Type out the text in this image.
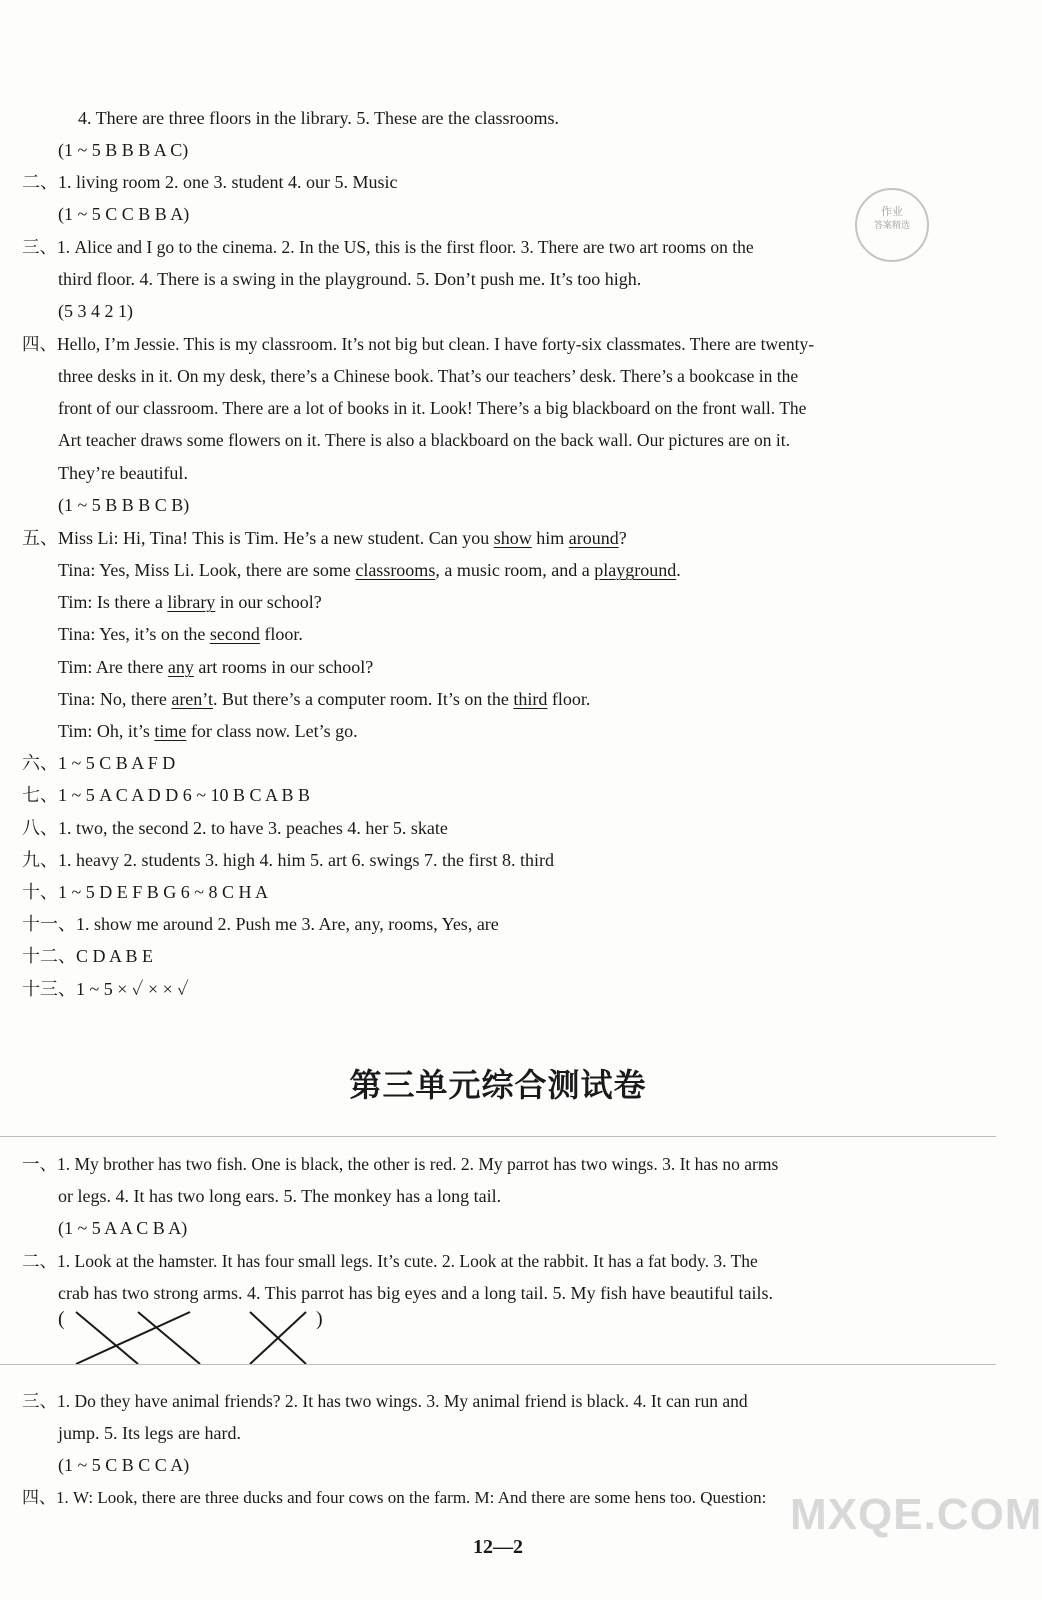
4. There are three floors in the library. 5. These are the classrooms.
(1 ~ 5 B B B A C)
二、1. living room 2. one 3. student 4. our 5. Music
(1 ~ 5 C C B B A)
三、1. Alice and I go to the cinema. 2. In the US, this is the first floor. 3. There are two art rooms on the
third floor. 4. There is a swing in the playground. 5. Don’t push me. It’s too high.
(5 3 4 2 1)
四、Hello, I’m Jessie. This is my classroom. It’s not big but clean. I have forty-six classmates. There are twenty-
three desks in it. On my desk, there’s a Chinese book. That’s our teachers’ desk. There’s a bookcase in the
front of our classroom. There are a lot of books in it. Look! There’s a big blackboard on the front wall. The
Art teacher draws some flowers on it. There is also a blackboard on the back wall. Our pictures are on it.
They’re beautiful.
(1 ~ 5 B B B C B)
作业
答案精选
五、Miss Li: Hi, Tina! This is Tim. He’s a new student. Can you show him around?
Tina: Yes, Miss Li. Look, there are some classrooms, a music room, and a playground.
Tim: Is there a library in our school?
Tina: Yes, it’s on the second floor.
Tim: Are there any art rooms in our school?
Tina: No, there aren’t. But there’s a computer room. It’s on the third floor.
Tim: Oh, it’s time for class now. Let’s go.
六、1 ~ 5 C B A F D
七、1 ~ 5 A C A D D 6 ~ 10 B C A B B
八、1. two, the second 2. to have 3. peaches 4. her 5. skate
九、1. heavy 2. students 3. high 4. him 5. art 6. swings 7. the first 8. third
十、1 ~ 5 D E F B G 6 ~ 8 C H A
十一、1. show me around 2. Push me 3. Are, any, rooms, Yes, are
十二、C D A B E
十三、1 ~ 5 × ✓ × × ✓
第三单元综合测试卷
一、1. My brother has two fish. One is black, the other is red. 2. My parrot has two wings. 3. It has no arms
or legs. 4. It has two long ears. 5. The monkey has a long tail.
(1 ~ 5 A A C B A)
二、1. Look at the hamster. It has four small legs. It’s cute. 2. Look at the rabbit. It has a fat body. 3. The
crab has two strong arms. 4. This parrot has big eyes and a long tail. 5. My fish have beautiful tails.
(	)
三、1. Do they have animal friends? 2. It has two wings. 3. My animal friend is black. 4. It can run and
jump. 5. Its legs are hard.
(1 ~ 5 C B C C A)
四、1. W: Look, there are three ducks and four cows on the farm. M: And there are some hens too. Question: MXQE.COM
12—2
